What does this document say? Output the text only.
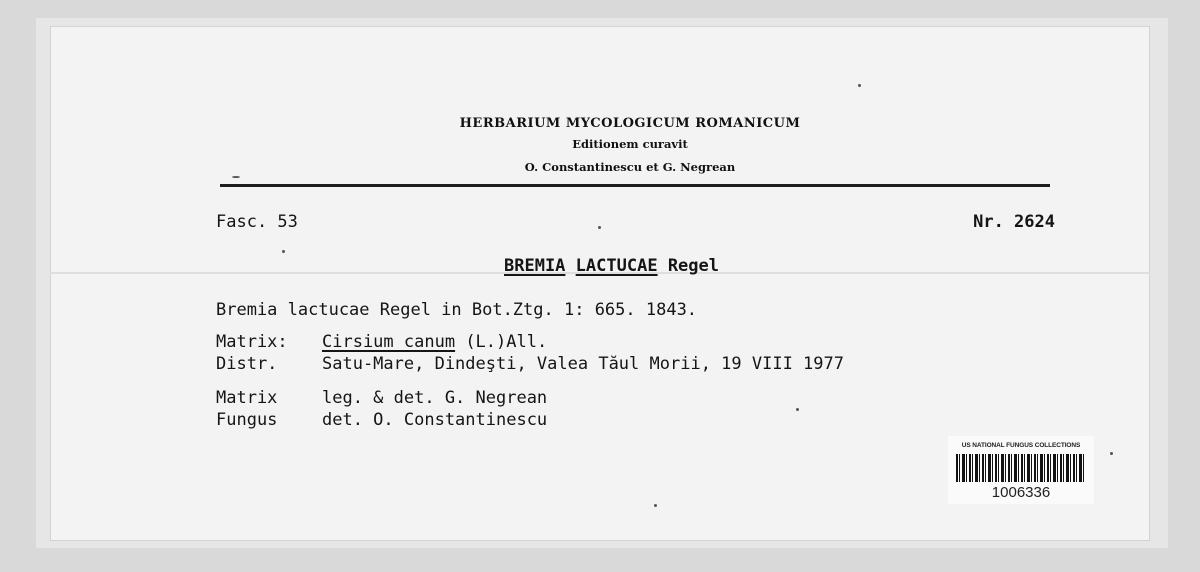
HERBARIUM MYCOLOGICUM ROMANICUM
Editionem curavit
O. Constantinescu et G. Negrean
Fasc. 53	Nr. 2624
BREMIA LACTUCAE Regel
Bremia lactucae Regel in Bot.Ztg. 1: 665. 1843.
Matrix: Cirsium canum (L.)All.
Distr.	Satu-Mare, Dindeşti, Valea Tăul Morii, 19 VIII 1977
Matrix	leg. & det. G. Negrean
Fungus	det. O. Constantinescu
US NATIONAL FUNGUS COLLECTIONS
1006336
